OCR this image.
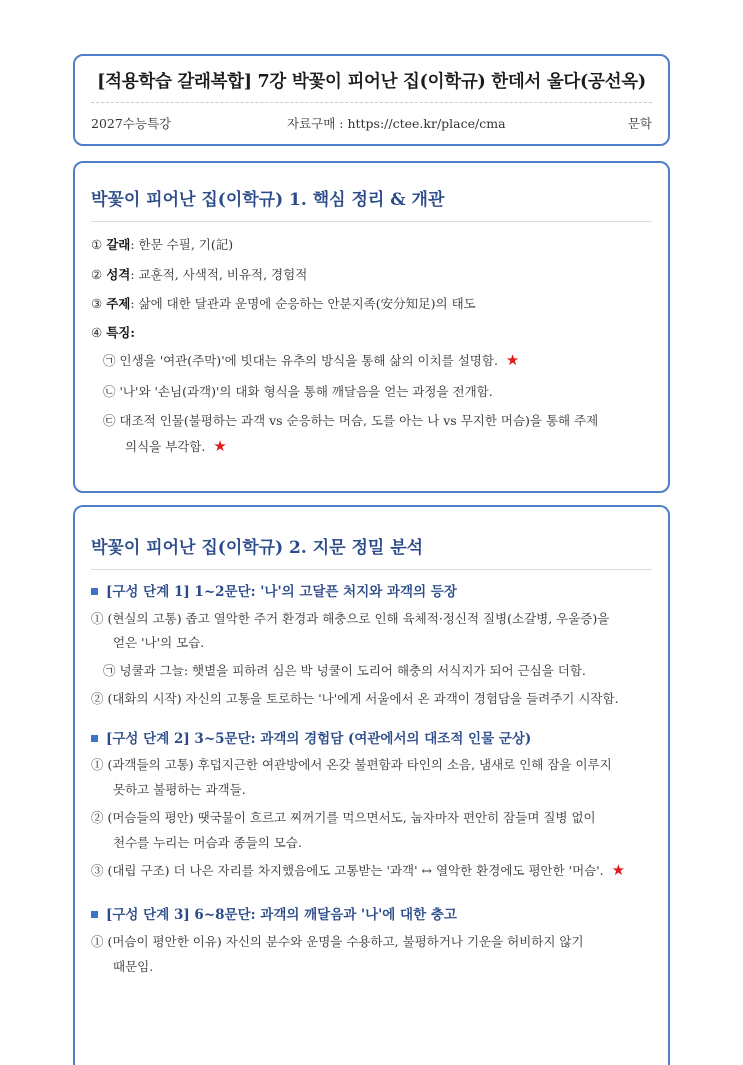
[적용학습 갈래복합] 7강 박꽃이 피어난 집(이학규) 한데서 울다(공선옥)
2027수능특강	자료구매 : https://ctee.kr/place/cma	문학
박꽃이 피어난 집(이학규) 1. 핵심 정리 & 개관
① 갈래: 한문 수필, 기(記)
② 성격: 교훈적, 사색적, 비유적, 경험적
③ 주제: 삶에 대한 달관과 운명에 순응하는 안분지족(安分知足)의 태도
④ 특징:
㉠ 인생을 '여관(주막)'에 빗대는 유추의 방식을 통해 삶의 이치를 설명함. ★
㉡ '나'와 '손님(과객)'의 대화 형식을 통해 깨달음을 얻는 과정을 전개함.
㉢ 대조적 인물(불평하는 과객 vs 순응하는 머슴, 도를 아는 나 vs 무지한 머슴)을 통해 주제
의식을 부각함. ★
박꽃이 피어난 집(이학규) 2. 지문 정밀 분석
[구성 단계 1] 1~2문단: '나'의 고달픈 처지와 과객의 등장
① (현실의 고통) 좁고 열악한 주거 환경과 해충으로 인해 육체적·정신적 질병(소갈병, 우울증)을
얻은 '나'의 모습.
㉠ 넝쿨과 그늘: 햇볕을 피하려 심은 박 넝쿨이 도리어 해충의 서식지가 되어 근심을 더함.
② (대화의 시작) 자신의 고통을 토로하는 '나'에게 서울에서 온 과객이 경험담을 들려주기 시작함.
[구성 단계 2] 3~5문단: 과객의 경험담 (여관에서의 대조적 인물 군상)
① (과객들의 고통) 후덥지근한 여관방에서 온갖 불편함과 타인의 소음, 냄새로 인해 잠을 이루지
못하고 불평하는 과객들.
② (머슴들의 평안) 땟국물이 흐르고 찌꺼기를 먹으면서도, 눕자마자 편안히 잠들며 질병 없이
천수를 누리는 머슴과 종들의 모습.
③ (대립 구조) 더 나은 자리를 차지했음에도 고통받는 '과객' ↔ 열악한 환경에도 평안한 '머슴'. ★
[구성 단계 3] 6~8문단: 과객의 깨달음과 '나'에 대한 충고
① (머슴이 평안한 이유) 자신의 분수와 운명을 수용하고, 불평하거나 기운을 허비하지 않기
때문임.
